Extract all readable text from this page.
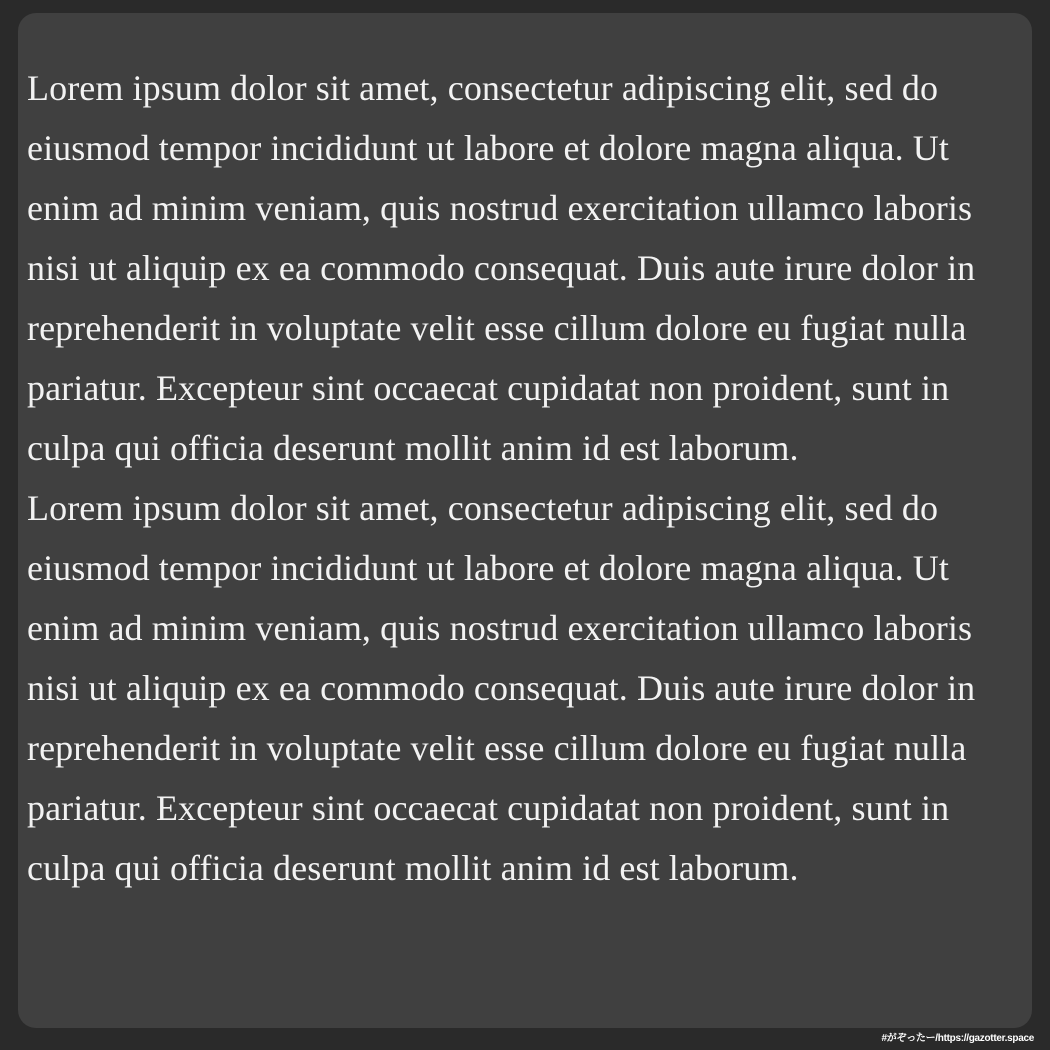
Lorem ipsum dolor sit amet, consectetur adipiscing elit, sed do eiusmod tempor incididunt ut labore et dolore magna aliqua. Ut enim ad minim veniam, quis nostrud exercitation ullamco laboris nisi ut aliquip ex ea commodo consequat. Duis aute irure dolor in reprehenderit in voluptate velit esse cillum dolore eu fugiat nulla pariatur. Excepteur sint occaecat cupidatat non proident, sunt in culpa qui officia deserunt mollit anim id est laborum.

Lorem ipsum dolor sit amet, consectetur adipiscing elit, sed do eiusmod tempor incididunt ut labore et dolore magna aliqua. Ut enim ad minim veniam, quis nostrud exercitation ullamco laboris nisi ut aliquip ex ea commodo consequat. Duis aute irure dolor in reprehenderit in voluptate velit esse cillum dolore eu fugiat nulla pariatur. Excepteur sint occaecat cupidatat non proident, sunt in culpa qui officia deserunt mollit anim id est laborum.

#がぞったー/https://gazotter.space
